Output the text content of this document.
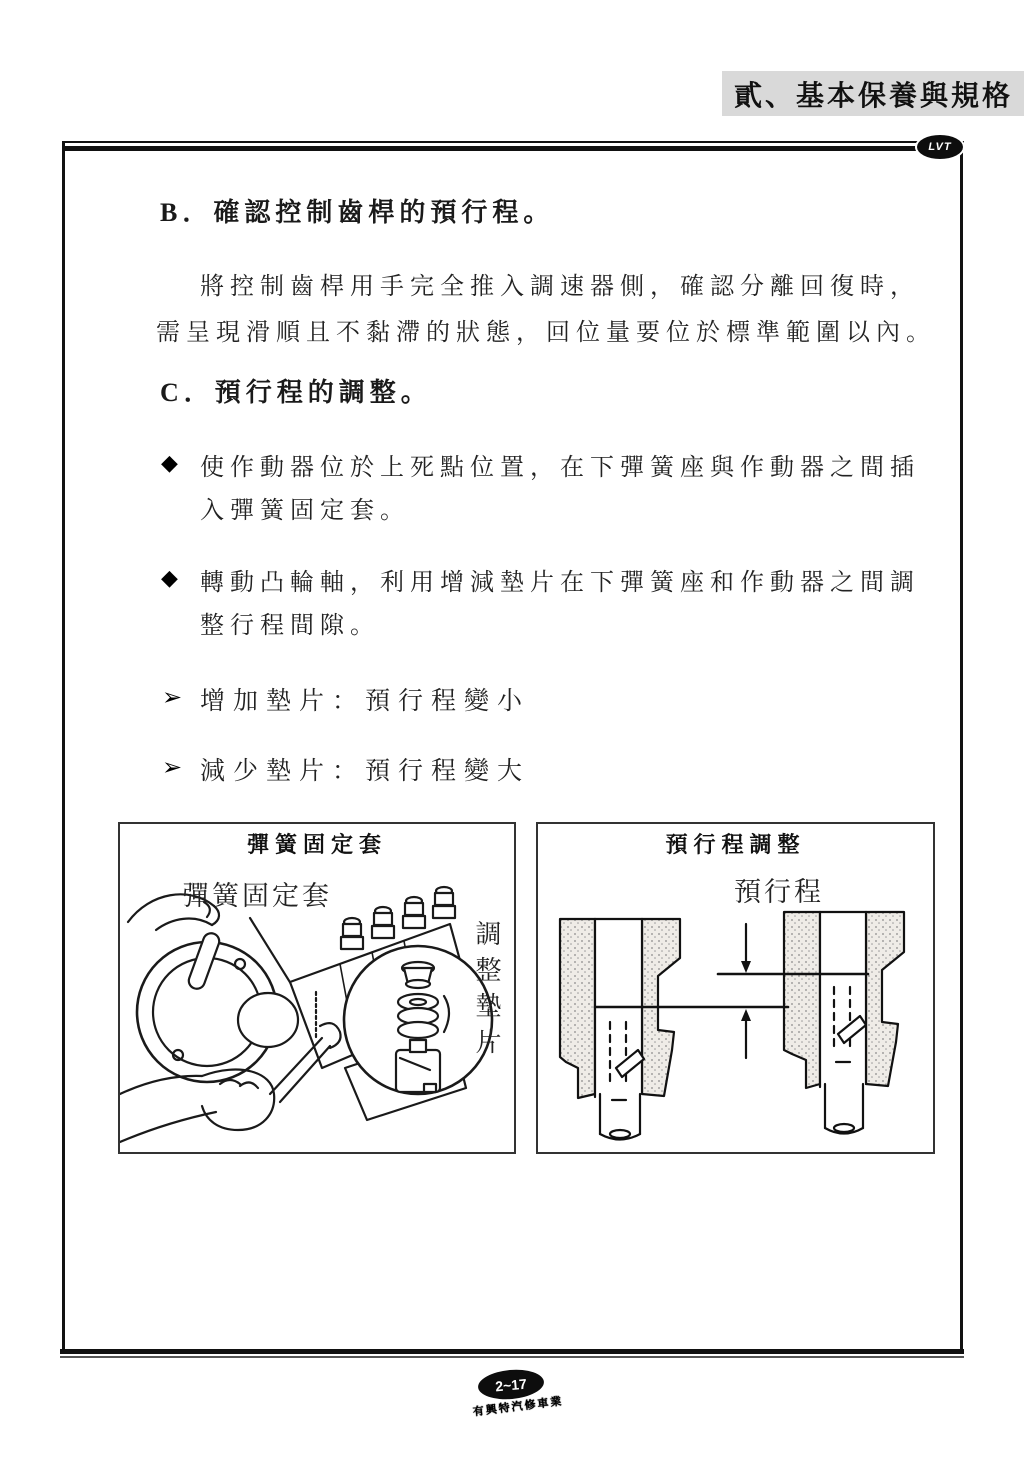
貳、基本保養與規格
LVT
B．確認控制齒桿的預行程。
將控制齒桿用手完全推入調速器側，確認分離回復時，
需呈現滑順且不黏滯的狀態，回位量要位於標準範圍以內。
C．預行程的調整。
◆ 使作動器位於上死點位置，在下彈簧座與作動器之間插
入彈簧固定套。
◆ 轉動凸輪軸，利用增減墊片在下彈簧座和作動器之間調
整行程間隙。
➢ 增加墊片：預行程變小
➢ 減少墊片：預行程變大
彈簧固定套
彈簧固定套
調整墊片
預行程調整
預行程
2~17
有興特汽修車業
